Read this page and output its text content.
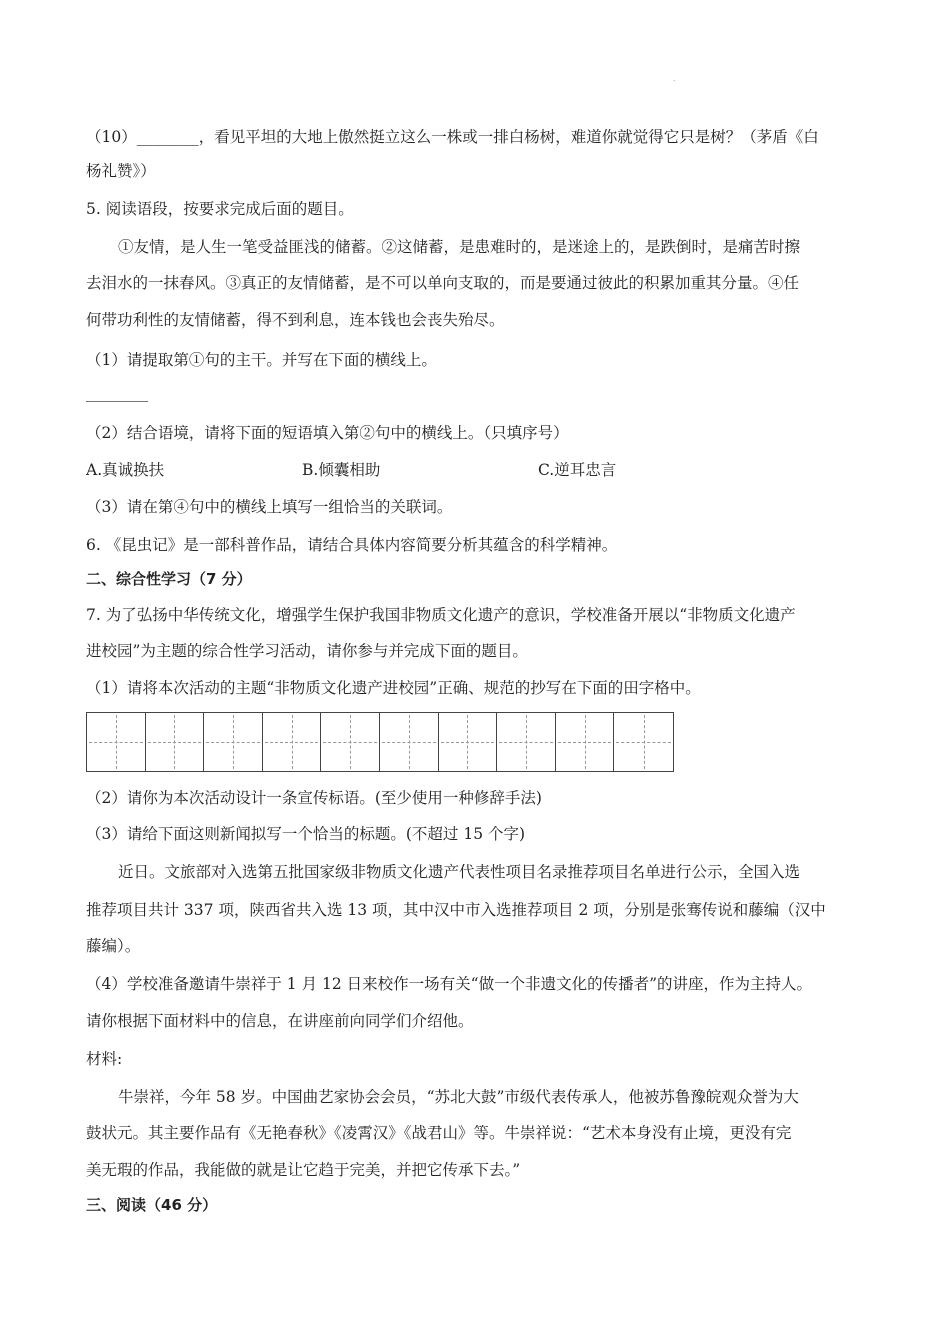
.
（10）________，看见平坦的大地上傲然挺立这么一株或一排白杨树，难道你就觉得它只是树？（茅盾《白
杨礼赞》）
5. 阅读语段，按要求完成后面的题目。
①友情，是人生一笔受益匪浅的储蓄。②这储蓄，是患难时的，是迷途上的，是跌倒时，是痛苦时擦
去泪水的一抹春风。③真正的友情储蓄，是不可以单向支取的，而是要通过彼此的积累加重其分量。④任
何带功利性的友情储蓄，得不到利息，连本钱也会丧失殆尽。
（1）请提取第①句的主干。并写在下面的横线上。
（2）结合语境，请将下面的短语填入第②句中的横线上。（只填序号）
A.真诚换扶	B.倾囊相助	C.逆耳忠言
（3）请在第④句中的横线上填写一组恰当的关联词。
6. 《昆虫记》是一部科普作品，请结合具体内容简要分析其蕴含的科学精神。
二、综合性学习（7 分）
7. 为了弘扬中华传统文化，增强学生保护我国非物质文化遗产的意识，学校准备开展以“非物质文化遗产
进校园”为主题的综合性学习活动，请你参与并完成下面的题目。
（1）请将本次活动的主题“非物质文化遗产进校园”正确、规范的抄写在下面的田字格中。
（2）请你为本次活动设计一条宣传标语。(至少使用一种修辞手法)
（3）请给下面这则新闻拟写一个恰当的标题。(不超过 15 个字)
近日。文旅部对入选第五批国家级非物质文化遗产代表性项目名录推荐项目名单进行公示，全国入选
推荐项目共计 337 项，陕西省共入选 13 项，其中汉中市入选推荐项目 2 项，分别是张骞传说和藤编（汉中
藤编）。
（4）学校准备邀请牛崇祥于 1 月 12 日来校作一场有关“做一个非遗文化的传播者”的讲座，作为主持人。
请你根据下面材料中的信息，在讲座前向同学们介绍他。
材料:
牛崇祥，今年 58 岁。中国曲艺家协会会员，“苏北大鼓”市级代表传承人，他被苏鲁豫皖观众誉为大
鼓状元。其主要作品有《无艳春秋》《凌霄汉》《战君山》等。牛崇祥说：“艺术本身没有止境，更没有完
美无瑕的作品，我能做的就是让它趋于完美，并把它传承下去。”
三、阅读（46 分）
